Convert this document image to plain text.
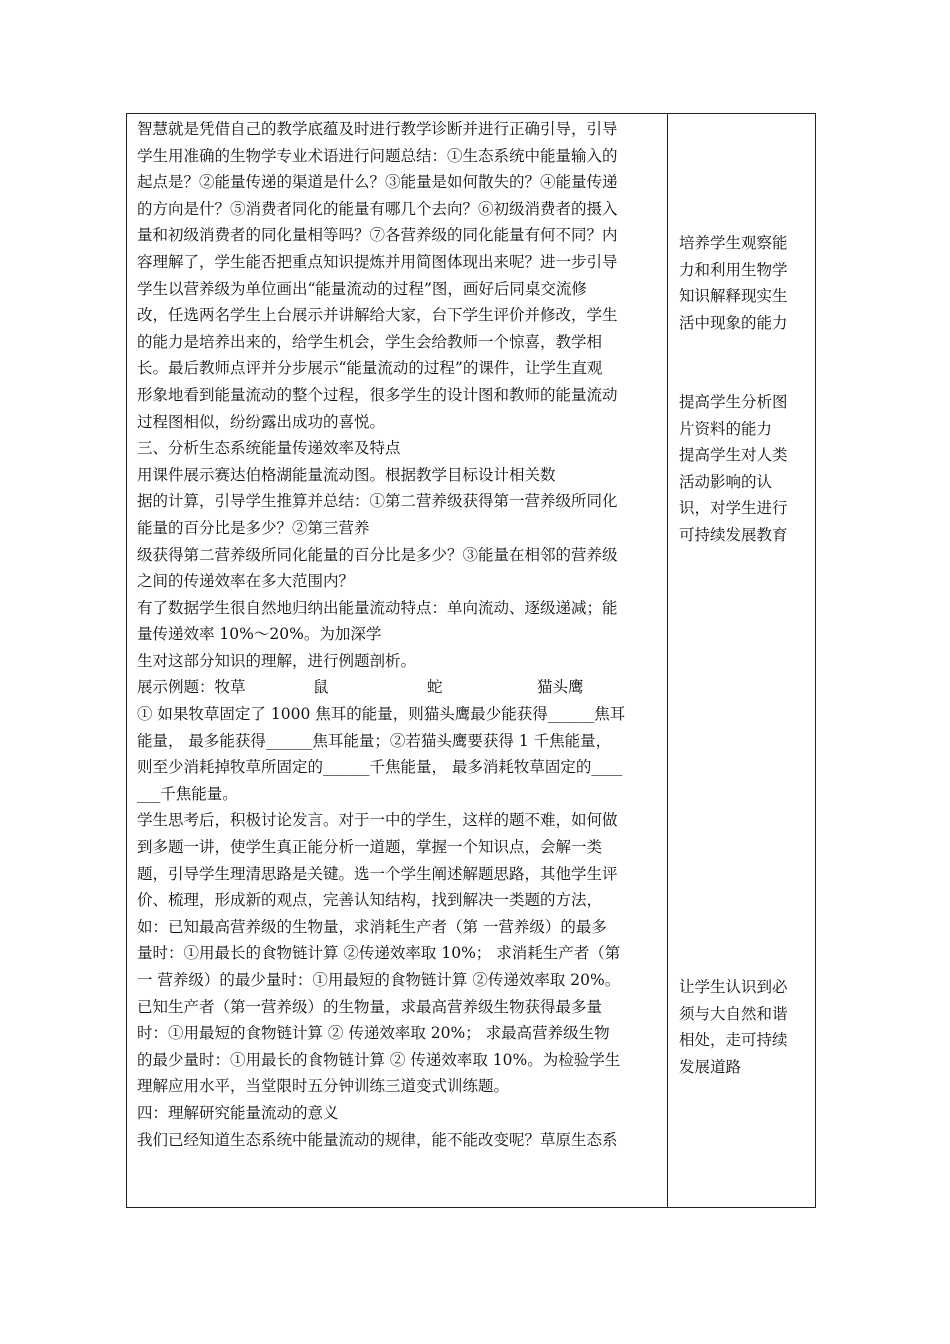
智慧就是凭借自己的教学底蕴及时进行教学诊断并进行正确引导，引导
学生用准确的生物学专业术语进行问题总结：①生态系统中能量输入的
起点是？②能量传递的渠道是什么？③能量是如何散失的？④能量传递
的方向是什？⑤消费者同化的能量有哪几个去向？⑥初级消费者的摄入
量和初级消费者的同化量相等吗？⑦各营养级的同化能量有何不同？内
容理解了，学生能否把重点知识提炼并用简图体现出来呢？进一步引导
学生以营养级为单位画出“能量流动的过程”图，画好后同桌交流修
改，任选两名学生上台展示并讲解给大家，台下学生评价并修改，学生
的能力是培养出来的，给学生机会，学生会给教师一个惊喜，教学相
长。最后教师点评并分步展示“能量流动的过程”的课件，让学生直观
形象地看到能量流动的整个过程，很多学生的设计图和教师的能量流动
过程图相似，纷纷露出成功的喜悦。
三、分析生态系统能量传递效率及特点
用课件展示赛达伯格湖能量流动图。根据教学目标设计相关数
据的计算，引导学生推算并总结：①第二营养级获得第一营养级所同化
能量的百分比是多少？②第三营养
级获得第二营养级所同化能量的百分比是多少？③能量在相邻的营养级
之间的传递效率在多大范围内？
有了数据学生很自然地归纳出能量流动特点：单向流动、逐级递减；能
量传递效率 10%～20%。为加深学
生对这部分知识的理解，进行例题剖析。
展示例题：牧草	鼠	蛇	猫头鹰
① 如果牧草固定了 1000 焦耳的能量，则猫头鹰最少能获得______焦耳
能量， 最多能获得______焦耳能量；②若猫头鹰要获得 1 千焦能量，
则至少消耗掉牧草所固定的______千焦能量， 最多消耗牧草固定的____
___千焦能量。
学生思考后，积极讨论发言。对于一中的学生，这样的题不难，如何做
到多题一讲，使学生真正能分析一道题，掌握一个知识点，会解一类
题，引导学生理清思路是关键。选一个学生阐述解题思路，其他学生评
价、梳理，形成新的观点，完善认知结构，找到解决一类题的方法，
如：已知最高营养级的生物量，求消耗生产者（第 一营养级）的最多
量时：①用最长的食物链计算 ②传递效率取 10%； 求消耗生产者（第
一 营养级）的最少量时：①用最短的食物链计算 ②传递效率取 20%。
已知生产者（第一营养级）的生物量，求最高营养级生物获得最多量
时：①用最短的食物链计算 ② 传递效率取 20%； 求最高营养级生物
的最少量时：①用最长的食物链计算 ② 传递效率取 10%。为检验学生
理解应用水平，当堂限时五分钟训练三道变式训练题。
四：理解研究能量流动的意义
我们已经知道生态系统中能量流动的规律，能不能改变呢？草原生态系
培养学生观察能
力和利用生物学
知识解释现实生
活中现象的能力
提高学生分析图
片资料的能力
提高学生对人类
活动影响的认
识，对学生进行
可持续发展教育
让学生认识到必
须与大自然和谐
相处，走可持续
发展道路
